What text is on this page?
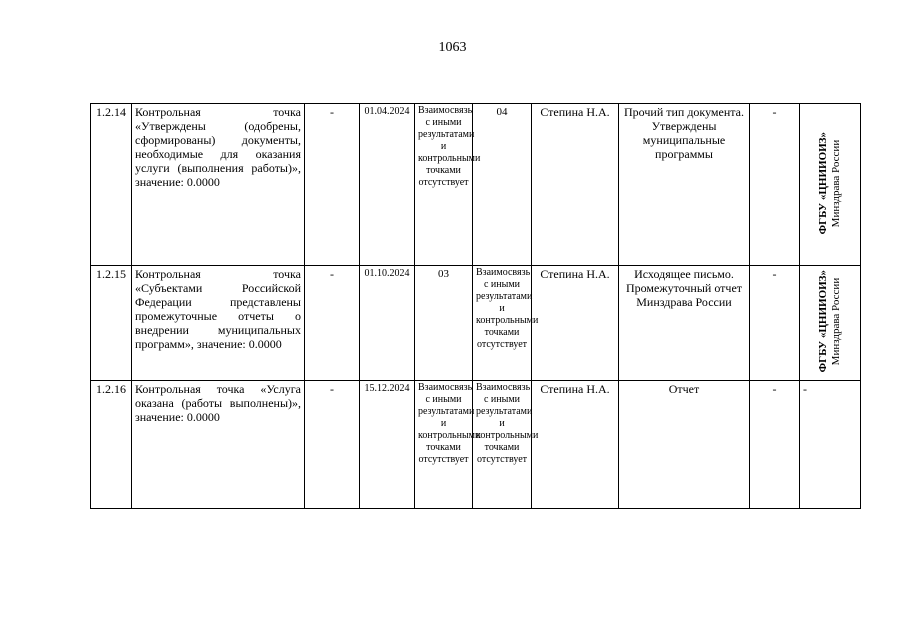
1063
1.2.14	Контрольная точка «Утверждены (одобрены, сформированы) документы, необходимые для оказания услуги (выполнения работы)», значение: 0.0000	-	01.04.2024	Взаимосвязь с иными результатами и контрольными точками отсутствует	04	Степина Н.А.	Прочий тип документа. Утверждены муниципальные программы	-	ФГБУ «ЦНИИОИЗ» Минздрава России

1.2.15	Контрольная точка «Субъектами Российской Федерации представлены промежуточные отчеты о внедрении муниципальных программ», значение: 0.0000	-	01.10.2024	03	Взаимосвязь с иными результатами и контрольными точками отсутствует	Степина Н.А.	Исходящее письмо. Промежуточный отчет Минздрава России	-	ФГБУ «ЦНИИОИЗ» Минздрава России

1.2.16	Контрольная точка «Услуга оказана (работы выполнены)», значение: 0.0000	-	15.12.2024	Взаимосвязь с иными результатами и контрольными точками отсутствует	Взаимосвязь с иными результатами и контрольными точками отсутствует	Степина Н.А.	Отчет	-	-
